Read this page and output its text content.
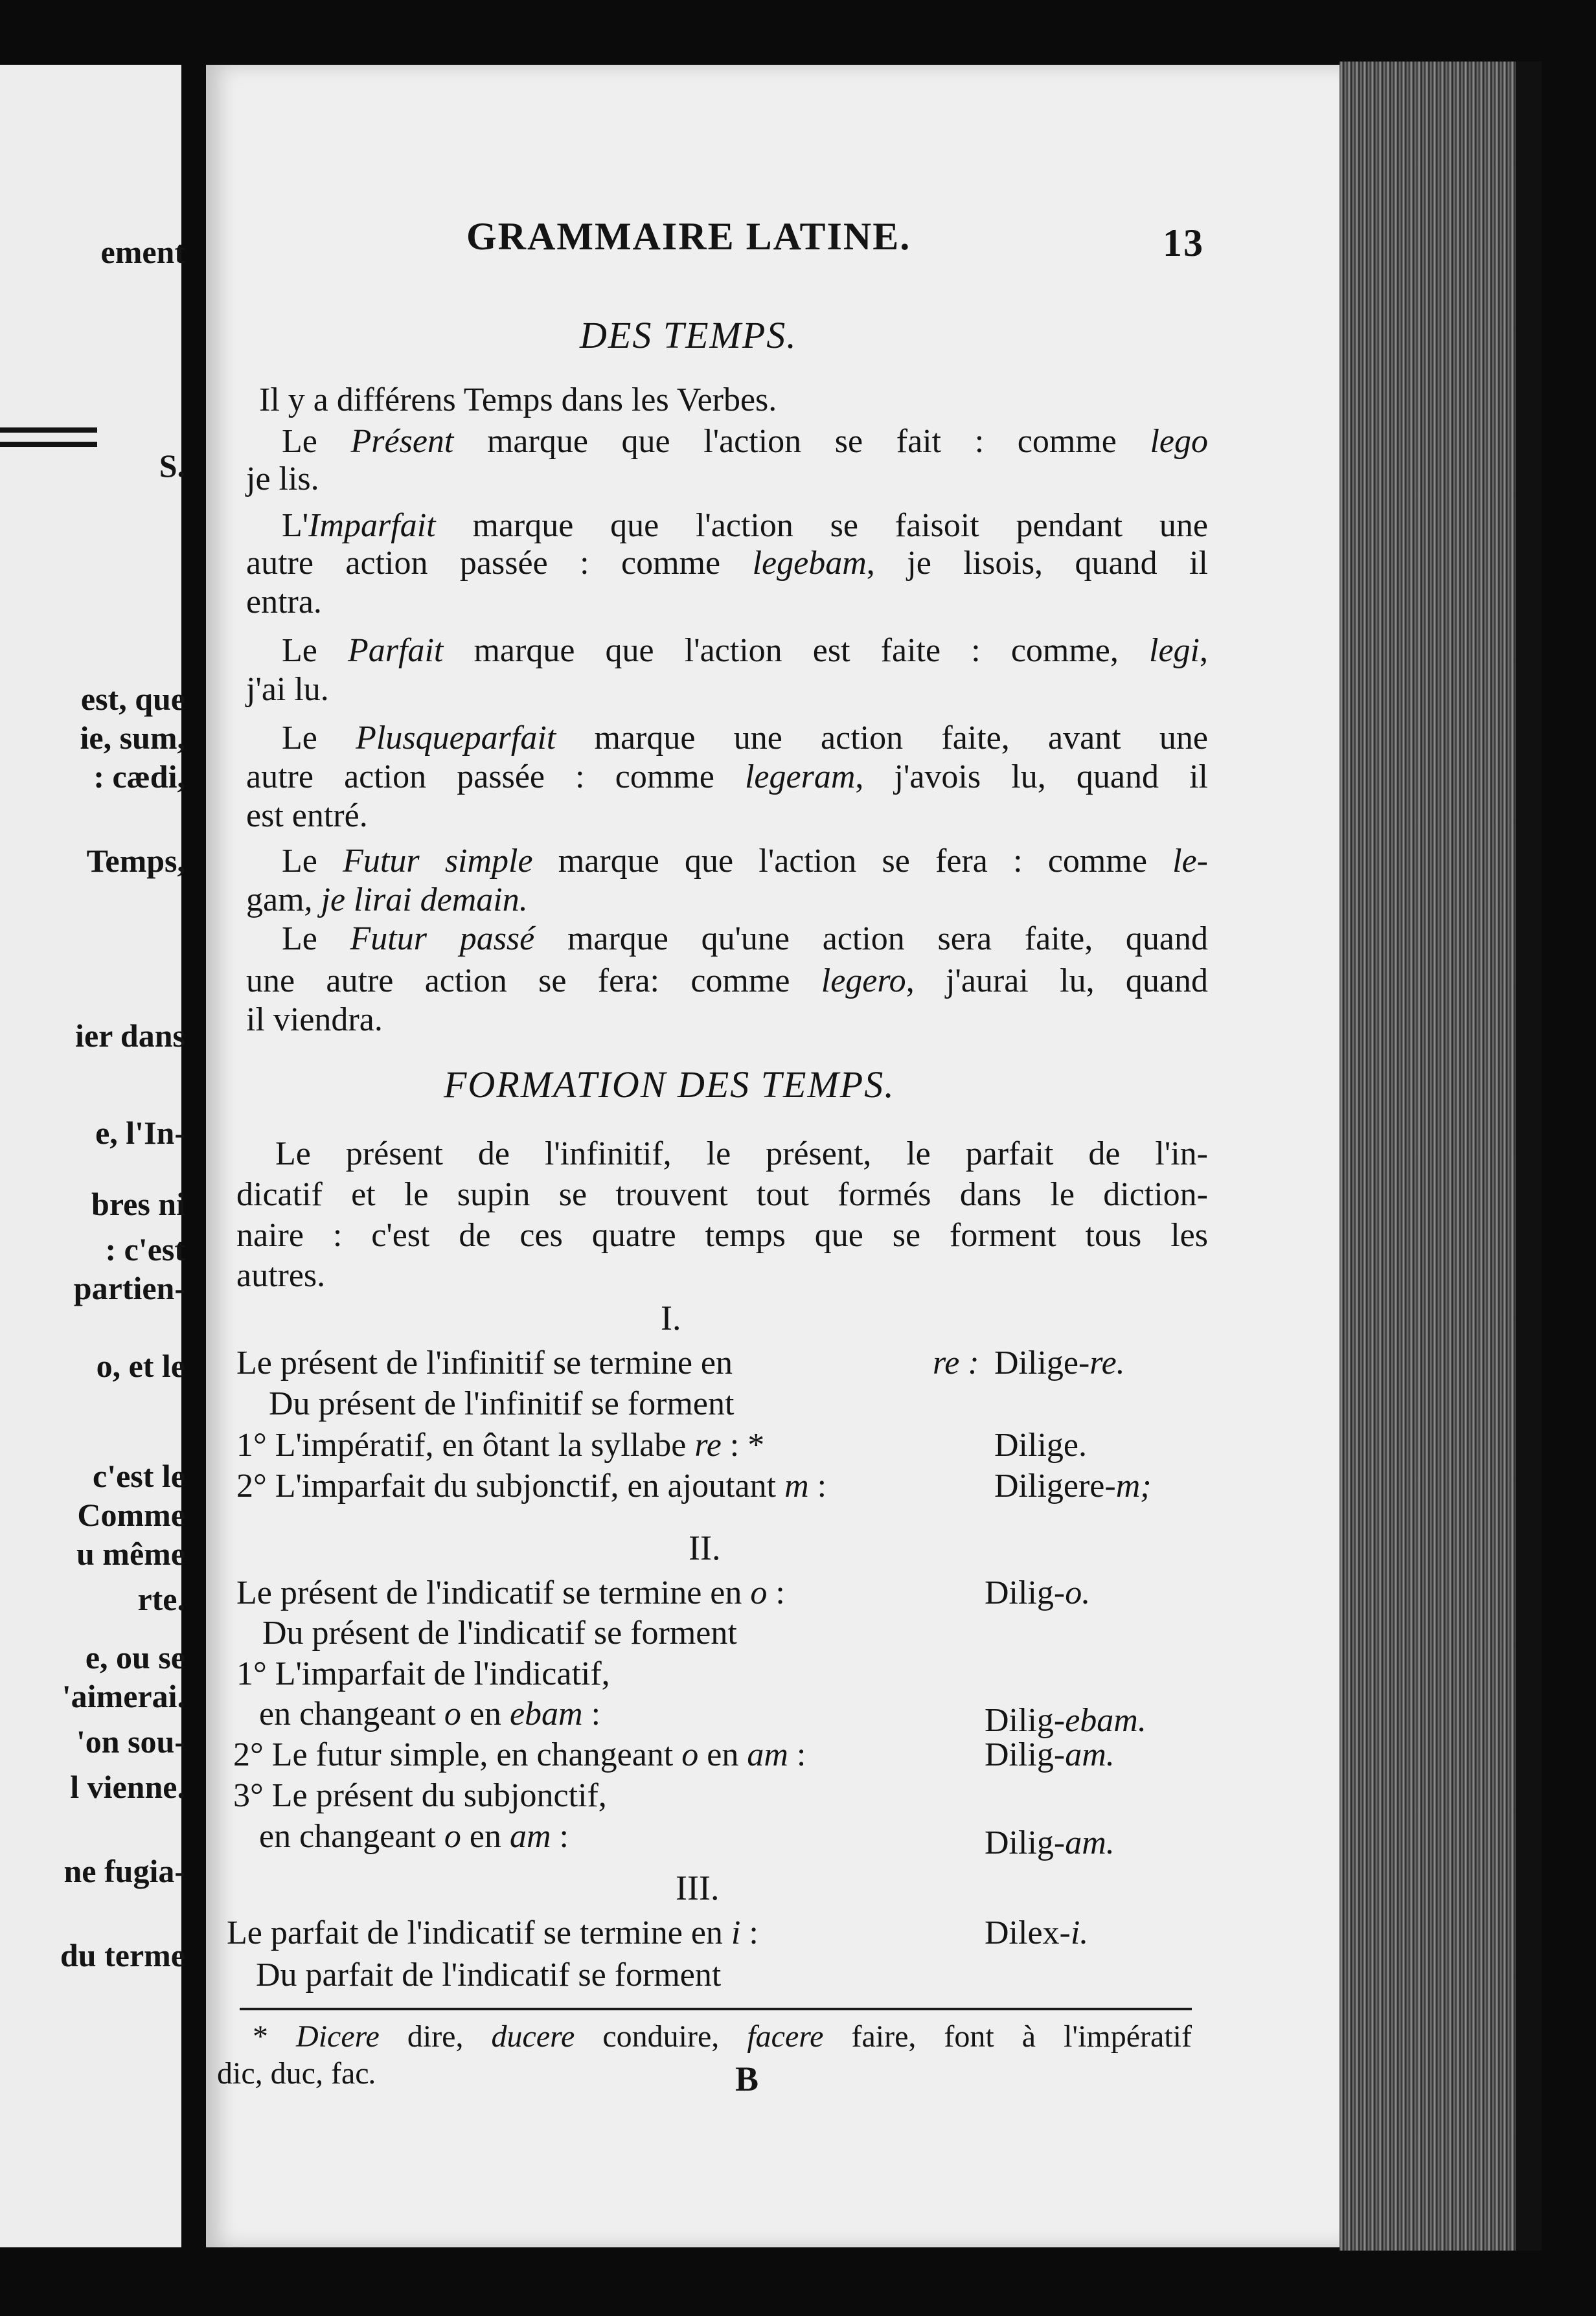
ement
S.
est, que
ie, sum,
: cædi,
Temps,
ier dans
e, l'In-
bres ni
: c'est
partien-
o, et le
c'est le
Comme
u même
rte.
e, ou se
'aimerai.
'on sou-
l vienne.
ne fugia-
du terme
GRAMMAIRE LATINE.	13
DES TEMPS.
Il y a différens Temps dans les Verbes.
FORMATION DES TEMPS.
B
Le Présent marque que l'action se fait : comme lego
je lis.
L'Imparfait marque que l'action se faisoit pendant une
autre action passée : comme legebam, je lisois, quand il
entra.
Le Parfait marque que l'action est faite : comme, legi,
j'ai lu.
Le Plusqueparfait marque une action faite, avant une
autre action passée : comme legeram, j'avois lu, quand il
est entré.
Le Futur simple marque que l'action se fera : comme le-
gam, je lirai demain.
Le Futur passé marque qu'une action sera faite, quand
une autre action se fera: comme legero, j'aurai lu, quand
il viendra.
Le présent de l'infinitif, le présent, le parfait de l'in-
dicatif et le supin se trouvent tout formés dans le diction-
naire : c'est de ces quatre temps que se forment tous les
autres.
I.
Le présent de l'infinitif se termine en	re : Dilige-re.
Du présent de l'infinitif se forment
1° L'impératif, en ôtant la syllabe re : *	Dilige.
2° L'imparfait du subjonctif, en ajoutant m :	Diligere-m;
II.
Le présent de l'indicatif se termine en o :	Dilig-o.
Du présent de l'indicatif se forment
1° L'imparfait de l'indicatif,
en changeant o en ebam :	Dilig-ebam.
2° Le futur simple, en changeant o en am :	Dilig-am.
3° Le présent du subjonctif,
en changeant o en am :	Dilig-am.
III.
Le parfait de l'indicatif se termine en i :	Dilex-i.
Du parfait de l'indicatif se forment
* Dicere dire, ducere conduire, facere faire, font à l'impératif
dic, duc, fac.
